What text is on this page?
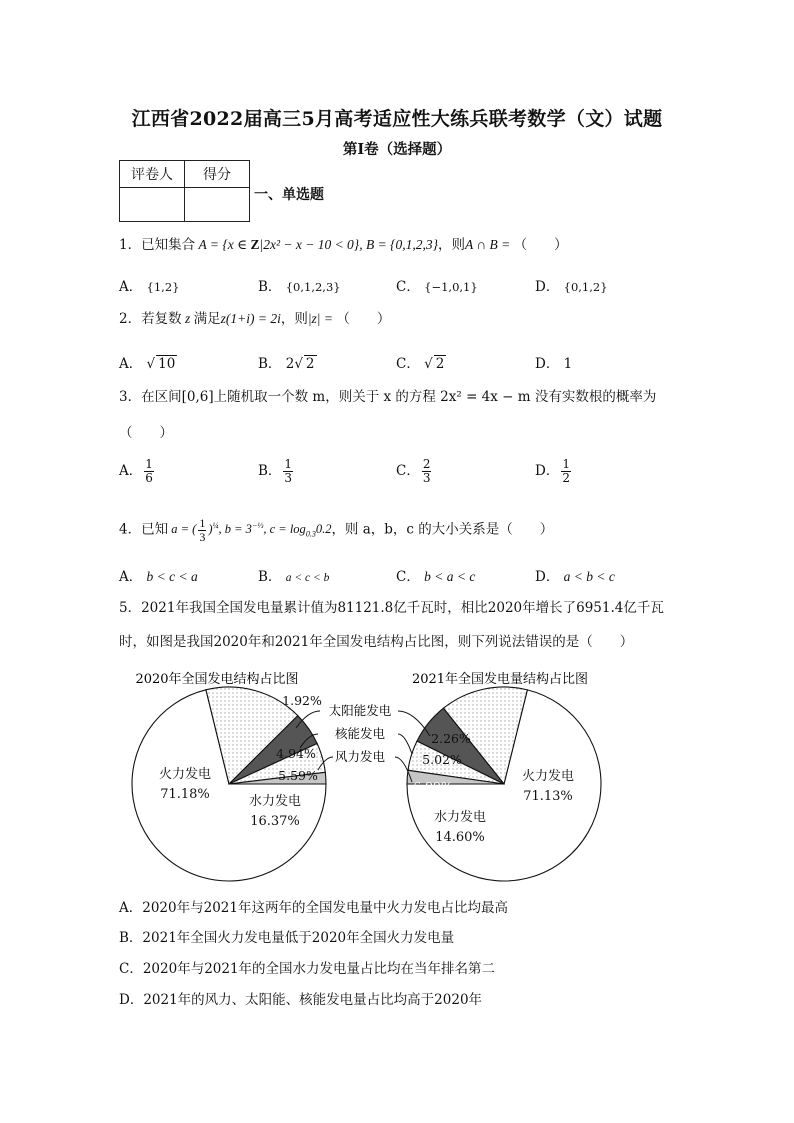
江西省2022届高三5月高考适应性大练兵联考数学（文）试题
第I卷（选择题）
评卷人	得分

一、单选题
1．已知集合 A = {x ∈ Z|2x² − x − 10 < 0}, B = {0,1,2,3}，则A ∩ B = （　　）
A． {1,2}	B． {0,1,2,3}	C． {−1,0,1}	D． {0,1,2}
2．若复数 z 满足z(1+i) = 2i，则|z| = （　　）
A． √ 10	B． 2√ 2	C． √ 2	D． 1
3．在区间[0,6]上随机取一个数 m，则关于 x 的方程 2x² = 4x − m 没有实数根的概率为
（　　）
A． $\frac{1}{6}$	B． $\frac{1}{3}$	C． $\frac{2}{3}$	D． $\frac{1}{2}$
4．已知 a = ( $\frac{1}{3} )^{\frac{1}{4}}$, $b = 3^{-\frac{1}{3}}$, $c = \log_{0.3}0.2$，则 a，b，c 的大小关系是（　　）
A． b < c < a	B． a < c < b	C． b < a < c	D． a < b < c
5．2021年我国全国发电量累计值为81121.8亿千瓦时，相比2020年增长了6951.4亿千瓦
时，如图是我国2020年和2021年全国发电结构占比图，则下列说法错误的是（　　）
2020年全国发电结构占比图	2021年全国发电量结构占比图
火力发电
71.18%	水力发电
16.37%
5.59%
4.94%
1.92%
火力发电
71.13%
水力发电
14.60%
6.99%
5.02%
2.26%
太阳能发电
核能发电
风力发电
A．2020年与2021年这两年的全国发电量中火力发电占比均最高
B．2021年全国火力发电量低于2020年全国火力发电量
C．2020年与2021年的全国水力发电量占比均在当年排名第二
D．2021年的风力、太阳能、核能发电量占比均高于2020年
